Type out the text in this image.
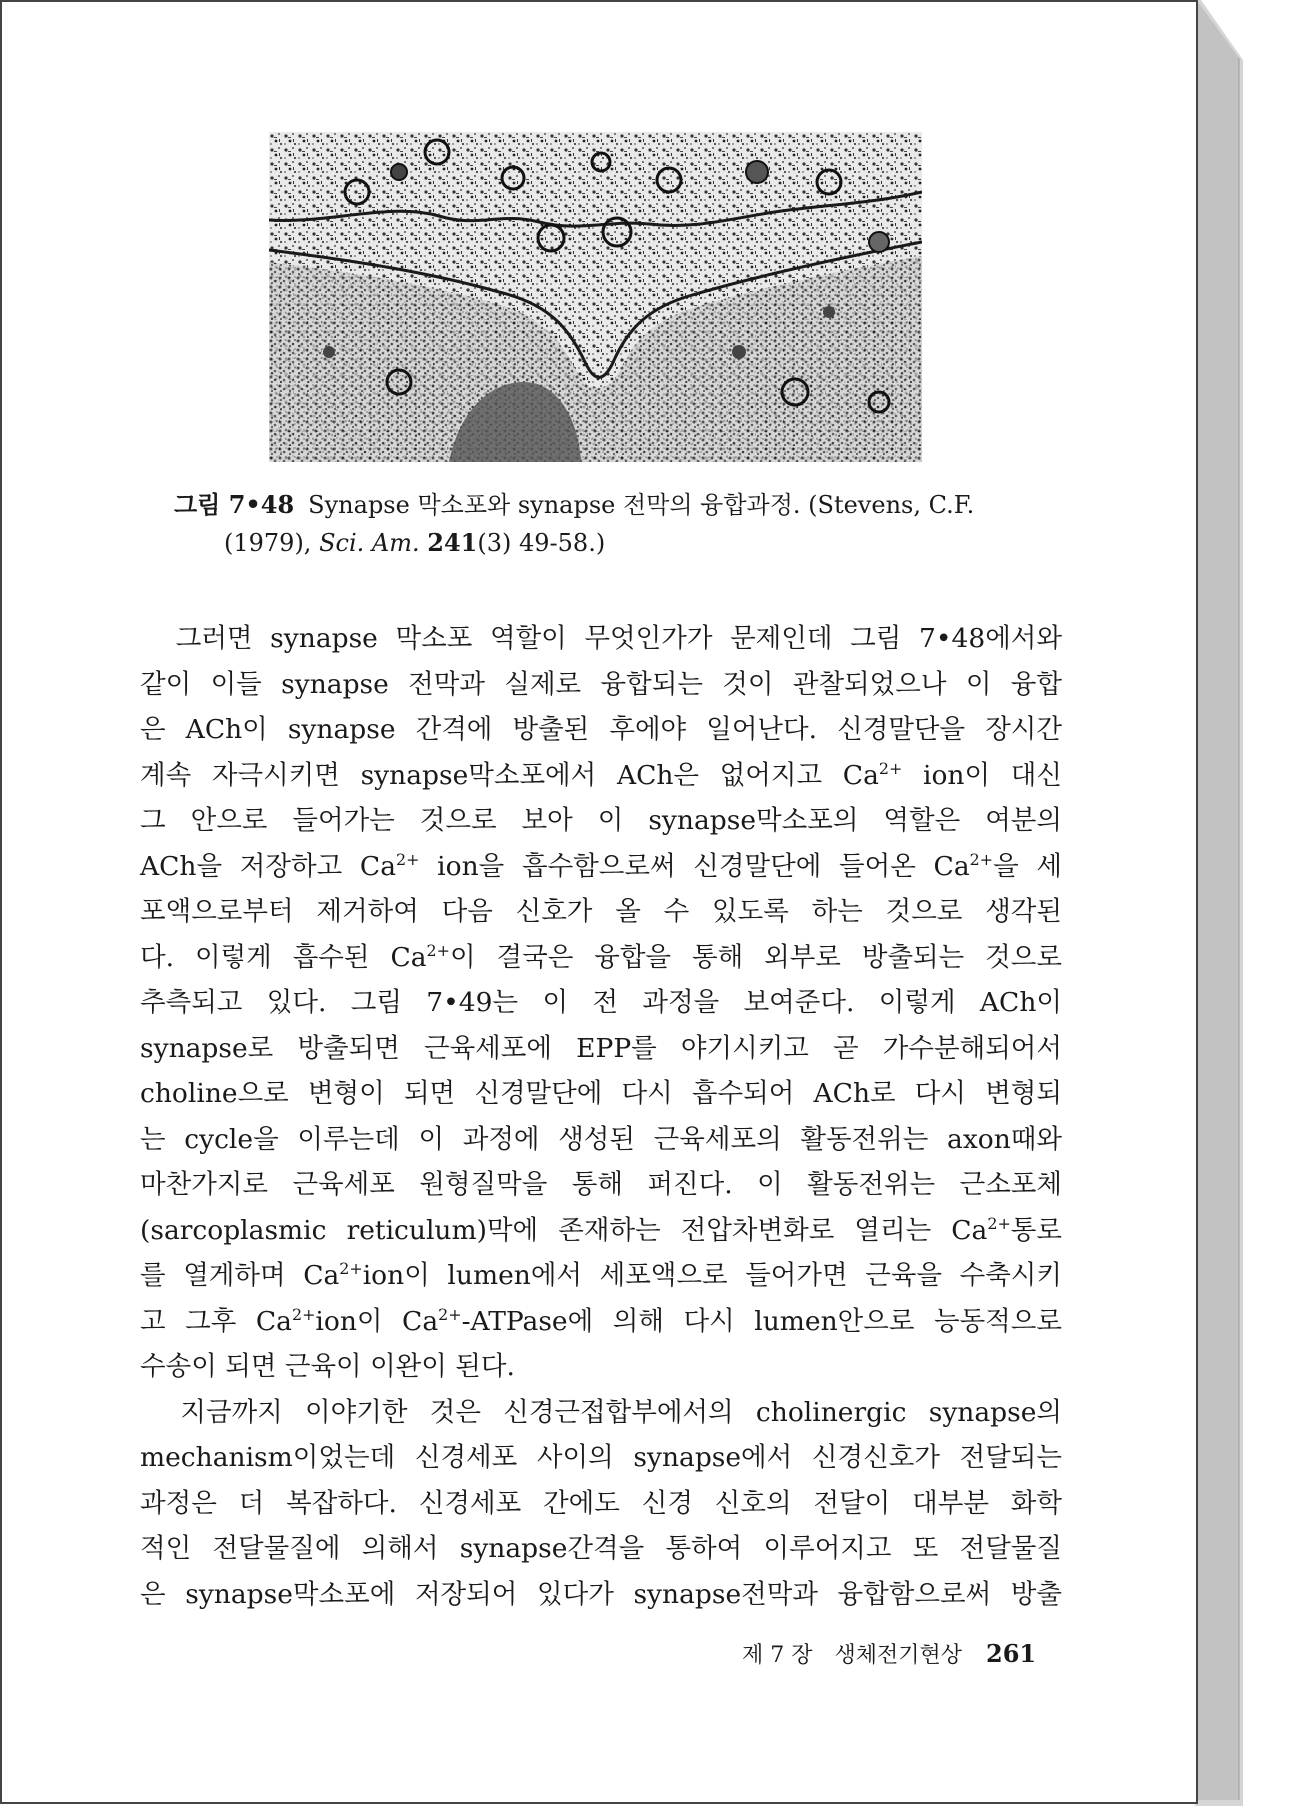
그림 7•48 Synapse 막소포와 synapse 전막의 융합과정. (Stevens, C.F.
(1979), Sci. Am. 241(3) 49-58.)
　그러면 synapse 막소포 역할이 무엇인가가 문제인데 그림 7•48에서와
같이 이들 synapse 전막과 실제로 융합되는 것이 관찰되었으나 이 융합
은 ACh이 synapse 간격에 방출된 후에야 일어난다. 신경말단을 장시간
계속 자극시키면 synapse막소포에서 ACh은 없어지고 $Ca^{2+}$ ion이 대신
그 안으로 들어가는 것으로 보아 이 synapse막소포의 역할은 여분의
ACh을 저장하고 $Ca^{2+}$ ion을 흡수함으로써 신경말단에 들어온 $Ca^{2+}$을 세
포액으로부터 제거하여 다음 신호가 올 수 있도록 하는 것으로 생각된
다. 이렇게 흡수된 $Ca^{2+}$이 결국은 융합을 통해 외부로 방출되는 것으로
추측되고 있다. 그림 7•49는 이 전 과정을 보여준다. 이렇게 ACh이
synapse로 방출되면 근육세포에 EPP를 야기시키고 곧 가수분해되어서
choline으로 변형이 되면 신경말단에 다시 흡수되어 ACh로 다시 변형되
는 cycle을 이루는데 이 과정에 생성된 근육세포의 활동전위는 axon때와
마찬가지로 근육세포 원형질막을 통해 퍼진다. 이 활동전위는 근소포체
(sarcoplasmic reticulum)막에 존재하는 전압차변화로 열리는 $Ca^{2+}$통로
를 열게하며 $Ca^{2+}ion$이 lumen에서 세포액으로 들어가면 근육을 수축시키
고 그후 $Ca^{2+}ion$이 $Ca^{2+}$-ATPase에 의해 다시 lumen안으로 능동적으로
수송이 되면 근육이 이완이 된다.
　지금까지 이야기한 것은 신경근접합부에서의 cholinergic synapse의
mechanism이었는데 신경세포 사이의 synapse에서 신경신호가 전달되는
과정은 더 복잡하다. 신경세포 간에도 신경 신호의 전달이 대부분 화학
적인 전달물질에 의해서 synapse간격을 통하여 이루어지고 또 전달물질
은 synapse막소포에 저장되어 있다가 synapse전막과 융합함으로써 방출
제 7 장　생체전기현상 261
